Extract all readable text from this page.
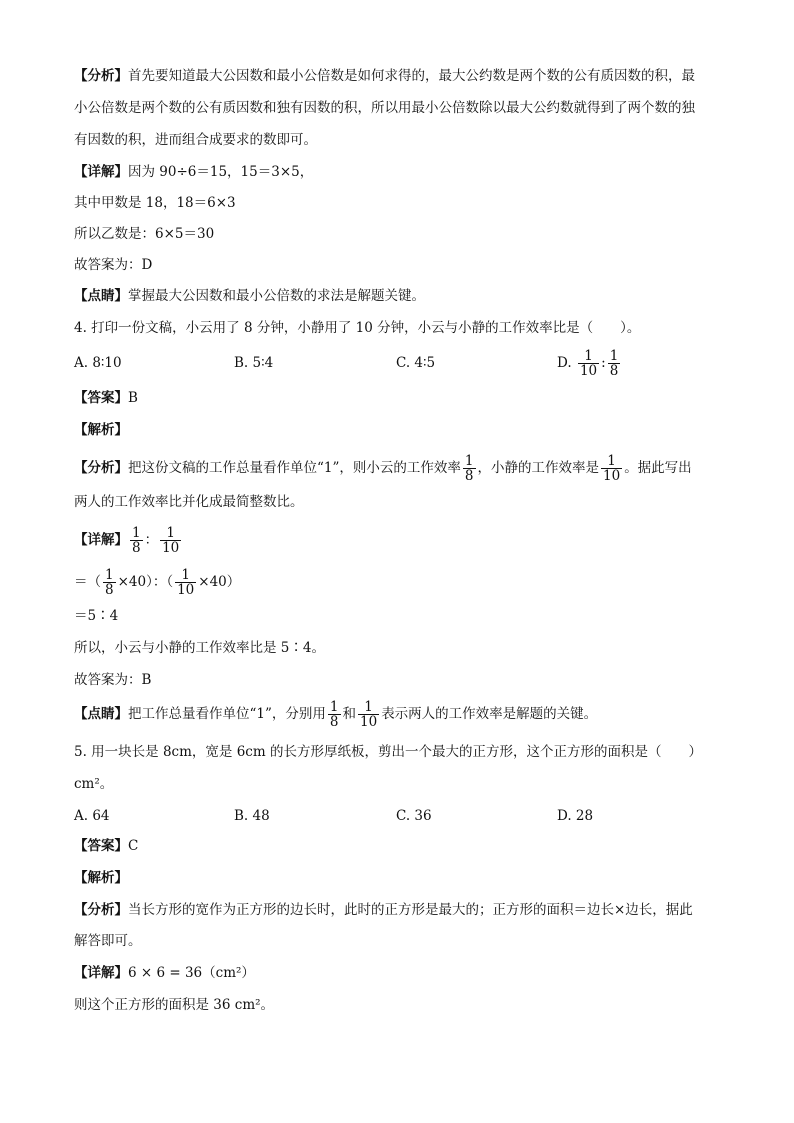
【分析】首先要知道最大公因数和最小公倍数是如何求得的，最大公约数是两个数的公有质因数的积，最
小公倍数是两个数的公有质因数和独有因数的积，所以用最小公倍数除以最大公约数就得到了两个数的独
有因数的积，进而组合成要求的数即可。
【详解】因为 90÷6＝15，15＝3×5，
其中甲数是 18，18＝6×3
所以乙数是：6×5＝30
故答案为：D
【点睛】掌握最大公因数和最小公倍数的求法是解题关键。
4. 打印一份文稿，小云用了 8 分钟，小静用了 10 分钟，小云与小静的工作效率比是（　　）。
A. 8∶10	B. 5∶4	C. 4∶5	D. $\frac{1}{10}$ : $\frac{1}{8}$
【答案】B
【解析】
【分析】把这份文稿的工作总量看作单位“1”，则小云的工作效率 $\frac{1}{8}$ ，小静的工作效率是 $\frac{1}{10}$ 。据此写出
两人的工作效率比并化成最简整数比。
【详解】 $\frac{1}{8}$ ： $\frac{1}{10}$
＝（ $\frac{1}{8} \times 40$）：（ $\frac{1}{10} \times 40$）
＝5∶4
所以，小云与小静的工作效率比是 5∶4。
故答案为：B
【点睛】把工作总量看作单位“1”，分别用 $\frac{1}{8}$ 和 $\frac{1}{10}$ 表示两人的工作效率是解题的关键。
5. 用一块长是 8cm，宽是 6cm 的长方形厚纸板，剪出一个最大的正方形，这个正方形的面积是（　　）
cm²。
A. 64	B. 48	C. 36	D. 28
【答案】C
【解析】
【分析】当长方形的宽作为正方形的边长时，此时的正方形是最大的；正方形的面积＝边长×边长，据此
解答即可。
【详解】6 × 6 = 36（cm²）
则这个正方形的面积是 36 cm²。
